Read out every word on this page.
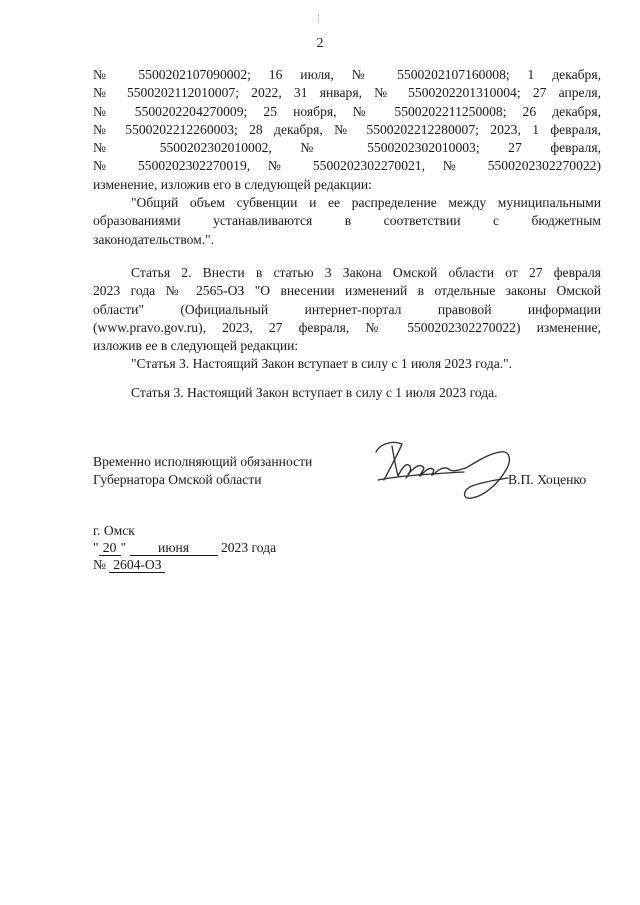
2
№ 5500202107090002; 16 июля, № 5500202107160008; 1 декабря,
№ 5500202112010007; 2022, 31 января, № 5500202201310004; 27 апреля,
№ 5500202204270009; 25 ноября, № 5500202211250008; 26 декабря,
№ 5500202212260003; 28 декабря, № 5500202212280007; 2023, 1 февраля,
№ 5500202302010002, № 5500202302010003; 27 февраля,
№ 5500202302270019, № 5500202302270021, № 5500202302270022)
изменение, изложив его в следующей редакции:
"Общий объем субвенции и ее распределение между муниципальными
образованиями устанавливаются в соответствии с бюджетным
законодательством.".
Статья 2. Внести в статью 3 Закона Омской области от 27 февраля
2023 года № 2565-ОЗ "О внесении изменений в отдельные законы Омской
области" (Официальный интернет-портал правовой информации
(www.pravo.gov.ru), 2023, 27 февраля, № 5500202302270022) изменение,
изложив ее в следующей редакции:
"Статья 3. Настоящий Закон вступает в силу с 1 июля 2023 года.".
Статья 3. Настоящий Закон вступает в силу с 1 июля 2023 года.
Временно исполняющий обязанности
Губернатора Омской области	В.П. Хоценко
г. Омск
" 20 " июня 2023 года
№ 2604-ОЗ
